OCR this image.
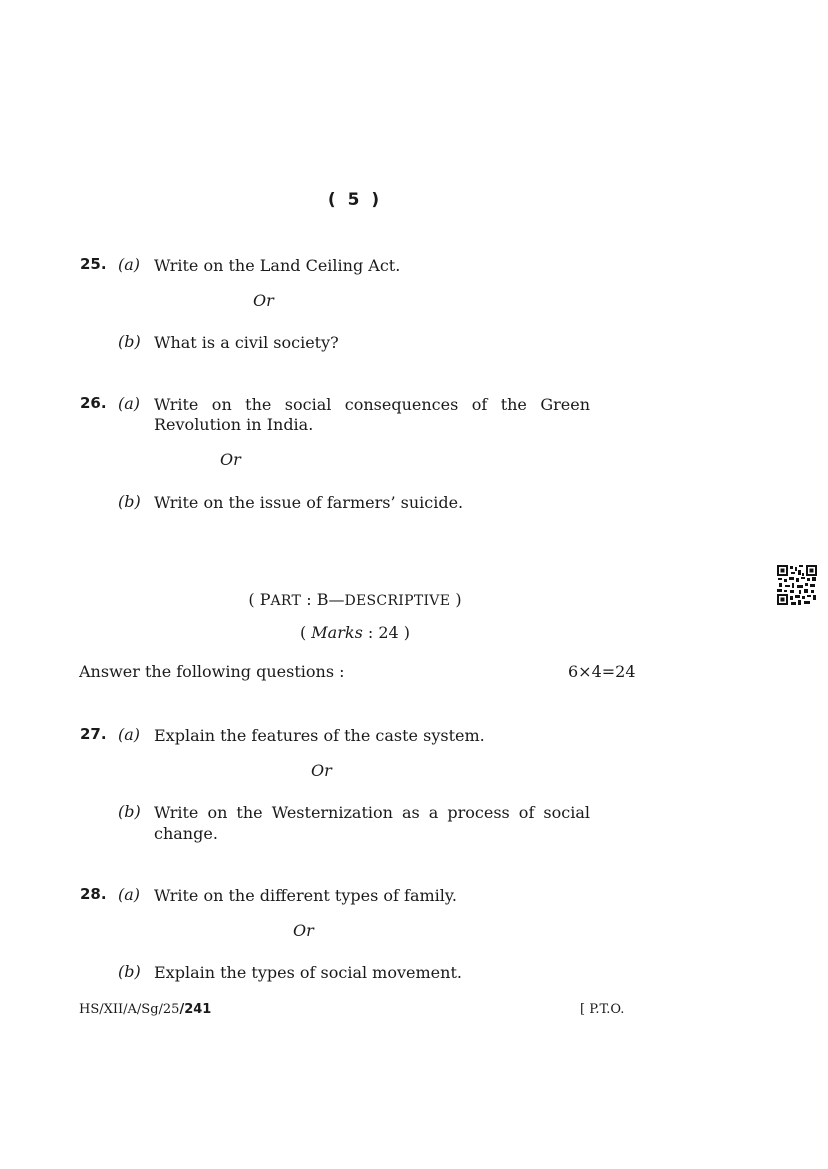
( 5 )
25. (a) Write on the Land Ceiling Act.
Or
(b) What is a civil society?
26. (a) Write on the social consequences of the Green
Revolution in India.
Or
(b) Write on the issue of farmers’ suicide.
( PART : B—DESCRIPTIVE )
( Marks : 24 )
Answer the following questions :	6×4=24
27. (a) Explain the features of the caste system.
Or
(b) Write on the Westernization as a process of social
change.
28. (a) Write on the different types of family.
Or
(b) Explain the types of social movement.
HS/XII/A/Sg/25/241	[ P.T.O.
